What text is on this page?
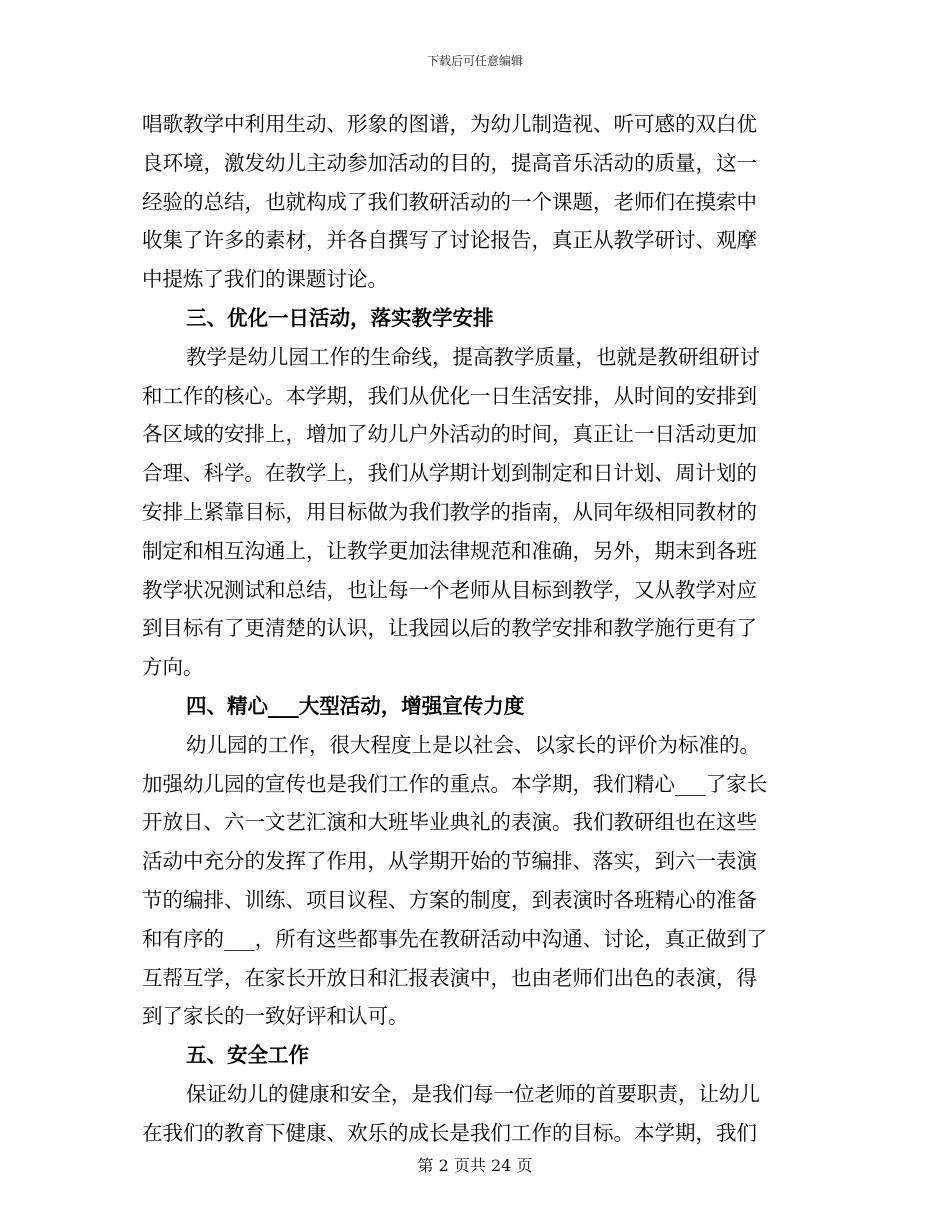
下载后可任意编辑
唱歌教学中利用生动、形象的图谱，为幼儿制造视、听可感的双白优
良环境，激发幼儿主动参加活动的目的，提高音乐活动的质量，这一
经验的总结，也就构成了我们教研活动的一个课题，老师们在摸索中
收集了许多的素材，并各自撰写了讨论报告，真正从教学研讨、观摩
中提炼了我们的课题讨论。
三、优化一日活动，落实教学安排
教学是幼儿园工作的生命线，提高教学质量，也就是教研组研讨
和工作的核心。本学期，我们从优化一日生活安排，从时间的安排到
各区域的安排上，增加了幼儿户外活动的时间，真正让一日活动更加
合理、科学。在教学上，我们从学期计划到制定和日计划、周计划的
安排上紧靠目标，用目标做为我们教学的指南，从同年级相同教材的
制定和相互沟通上，让教学更加法律规范和准确，另外，期末到各班
教学状况测试和总结，也让每一个老师从目标到教学，又从教学对应
到目标有了更清楚的认识，让我园以后的教学安排和教学施行更有了
方向。
四、精心___大型活动，增强宣传力度
幼儿园的工作，很大程度上是以社会、以家长的评价为标准的。
加强幼儿园的宣传也是我们工作的重点。本学期，我们精心___了家长
开放日、六一文艺汇演和大班毕业典礼的表演。我们教研组也在这些
活动中充分的发挥了作用，从学期开始的节编排、落实，到六一表演
节的编排、训练、项目议程、方案的制度，到表演时各班精心的准备
和有序的___，所有这些都事先在教研活动中沟通、讨论，真正做到了
互帮互学，在家长开放日和汇报表演中，也由老师们出色的表演，得
到了家长的一致好评和认可。
五、安全工作
保证幼儿的健康和安全，是我们每一位老师的首要职责，让幼儿
在我们的教育下健康、欢乐的成长是我们工作的目标。本学期，我们
第 2 页共 24 页
